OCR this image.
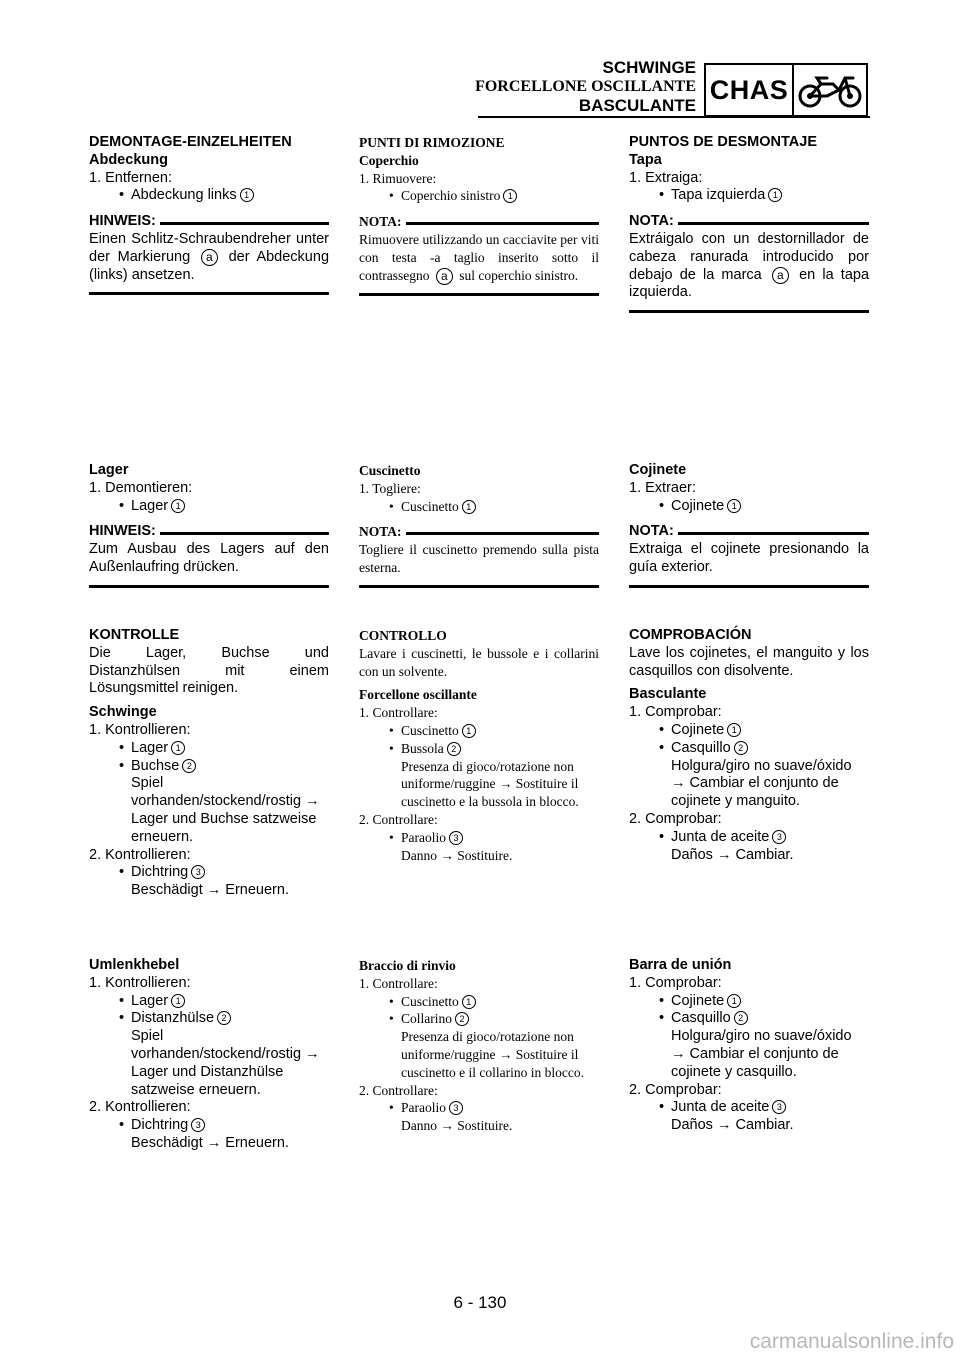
SCHWINGE
FORCELLONE OSCILLANTE
BASCULANTE
CHAS

DEMONTAGE-EINZELHEITEN

Abdeckung

1. Entfernen:

• Abdeckung links 1
HINWEIS:

Einen Schlitz-Schraubendreher unter der Markierung a der Abdeckung (links) ansetzen.

PUNTI DI RIMOZIONE

Coperchio

1. Rimuovere:

• Coperchio sinistro 1
NOTA:

Rimuovere utilizzando un cacciavite per viti con testa -a taglio inserito sotto il contrassegno a sul coperchio sinistro.

PUNTOS DE DESMONTAJE

Tapa

1. Extraiga:

• Tapa izquierda 1
NOTA:

Extráigalo con un destornillador de cabeza ranurada introducido por debajo de la marca a en la tapa izquierda.

Lager

1. Demontieren:

• Lager 1
HINWEIS:

Zum Ausbau des Lagers auf den Außenlaufring drücken.

Cuscinetto

1. Togliere:

• Cuscinetto 1
NOTA:

Togliere il cuscinetto premendo sulla pista esterna.

Cojinete

1. Extraer:

• Cojinete 1
NOTA:

Extraiga el cojinete presionando la guía exterior.

KONTROLLE

Die Lager, Buchse und Distanzhülsen mit einem Lösungsmittel reinigen.

Schwinge

1. Kontrollieren:

• Lager 1
• Buchse 2

Spiel vorhanden/stockend/rostig → Lager und Buchse satzweise erneuern.

2. Kontrollieren:

• Dichtring 3

Beschädigt → Erneuern.

CONTROLLO

Lavare i cuscinetti, le bussole e i collarini con un solvente.

Forcellone oscillante

1. Controllare:

• Cuscinetto 1
• Bussola 2

Presenza di gioco/rotazione non uniforme/ruggine → Sostituire il cuscinetto e la bussola in blocco.

2. Controllare:

• Paraolio 3

Danno → Sostituire.

COMPROBACIÓN

Lave los cojinetes, el manguito y los casquillos con disolvente.

Basculante

1. Comprobar:

• Cojinete 1
• Casquillo 2

Holgura/giro no suave/óxido → Cambiar el conjunto de cojinete y manguito.

2. Comprobar:

• Junta de aceite 3

Daños → Cambiar.

Umlenkhebel

1. Kontrollieren:

• Lager 1
• Distanzhülse 2

Spiel vorhanden/stockend/rostig → Lager und Distanzhülse satzweise erneuern.

2. Kontrollieren:

• Dichtring 3

Beschädigt → Erneuern.

Braccio di rinvio

1. Controllare:

• Cuscinetto 1
• Collarino 2

Presenza di gioco/rotazione non uniforme/ruggine → Sostituire il cuscinetto e il collarino in blocco.

2. Controllare:

• Paraolio 3

Danno → Sostituire.

Barra de unión

1. Comprobar:

• Cojinete 1
• Casquillo 2

Holgura/giro no suave/óxido → Cambiar el conjunto de cojinete y casquillo.

2. Comprobar:

• Junta de aceite 3

Daños → Cambiar.

6 - 130
carmanualsonline.info
